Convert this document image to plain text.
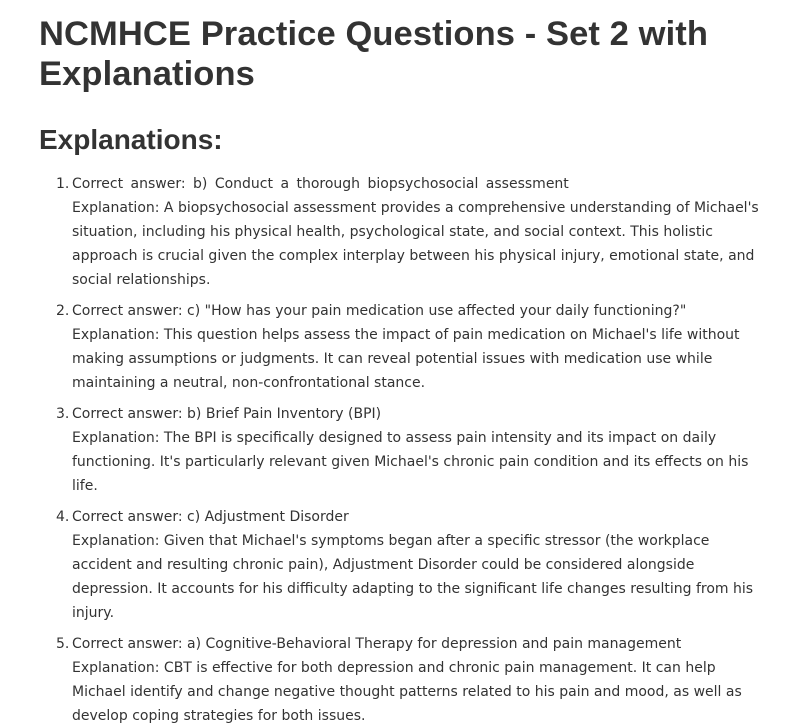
NCMHCE Practice Questions - Set 2 with Explanations
Explanations:
Correct answer: b) Conduct a thorough biopsychosocial assessment
Explanation: A biopsychosocial assessment provides a comprehensive understanding of Michael's situation, including his physical health, psychological state, and social context. This holistic approach is crucial given the complex interplay between his physical injury, emotional state, and social relationships.
Correct answer: c) "How has your pain medication use affected your daily functioning?"
Explanation: This question helps assess the impact of pain medication on Michael's life without making assumptions or judgments. It can reveal potential issues with medication use while maintaining a neutral, non-confrontational stance.
Correct answer: b) Brief Pain Inventory (BPI)
Explanation: The BPI is specifically designed to assess pain intensity and its impact on daily functioning. It's particularly relevant given Michael's chronic pain condition and its effects on his life.
Correct answer: c) Adjustment Disorder
Explanation: Given that Michael's symptoms began after a specific stressor (the workplace accident and resulting chronic pain), Adjustment Disorder could be considered alongside depression. It accounts for his difficulty adapting to the significant life changes resulting from his injury.
Correct answer: a) Cognitive-Behavioral Therapy for depression and pain management
Explanation: CBT is effective for both depression and chronic pain management. It can help Michael identify and change negative thought patterns related to his pain and mood, as well as develop coping strategies for both issues.
